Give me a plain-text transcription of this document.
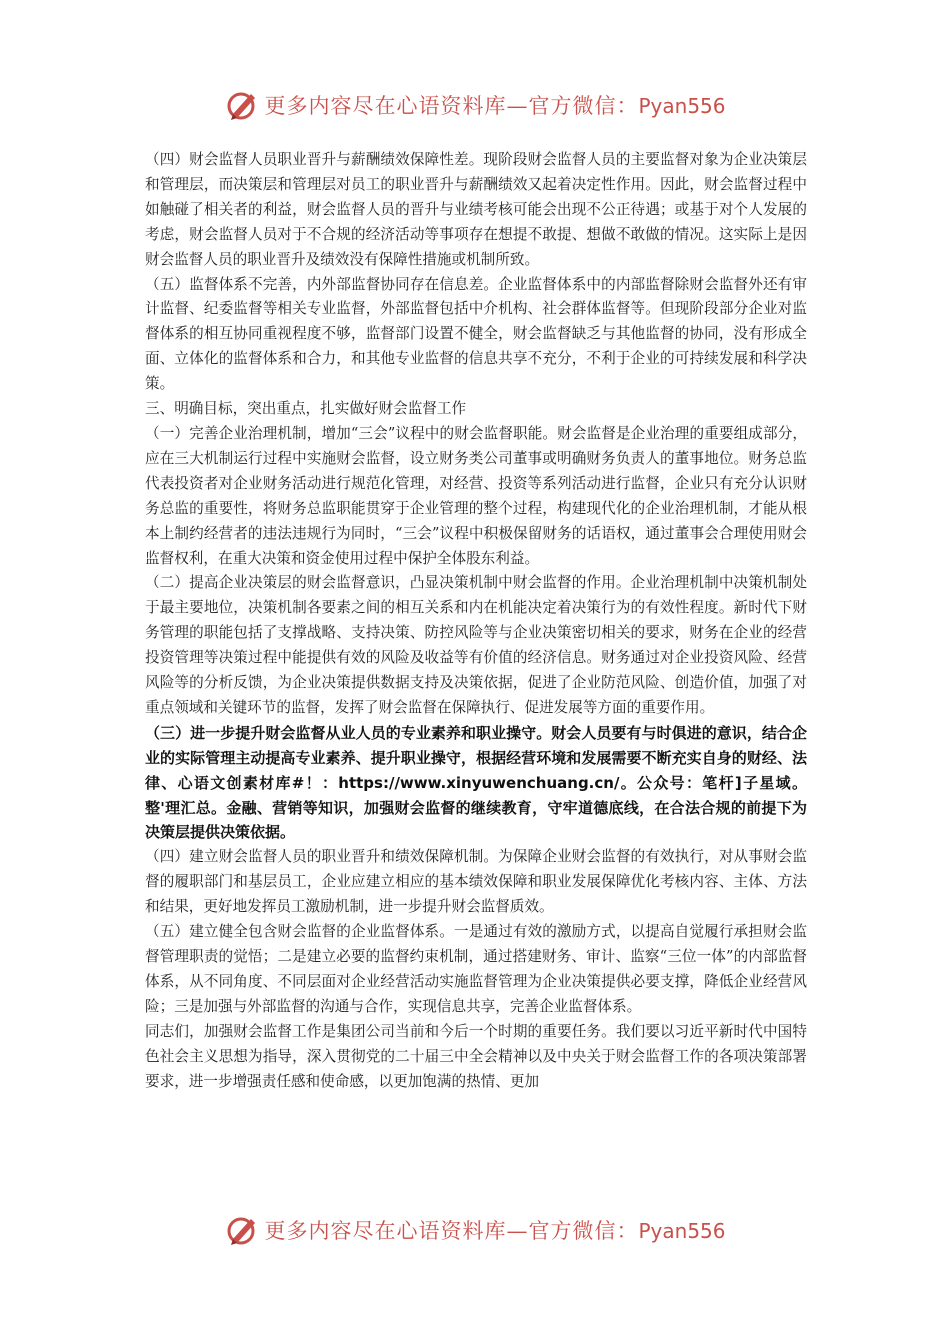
更多内容尽在心语资料库—官方微信：Pyan556

（四）财会监督人员职业晋升与薪酬绩效保障性差。现阶段财会监督人员的主要监督对象为企业决策层和管理层，而决策层和管理层对员工的职业晋升与薪酬绩效又起着决定性作用。因此，财会监督过程中如触碰了相关者的利益，财会监督人员的晋升与业绩考核可能会出现不公正待遇；或基于对个人发展的考虑，财会监督人员对于不合规的经济活动等事项存在想提不敢提、想做不敢做的情况。这实际上是因财会监督人员的职业晋升及绩效没有保障性措施或机制所致。

（五）监督体系不完善，内外部监督协同存在信息差。企业监督体系中的内部监督除财会监督外还有审计监督、纪委监督等相关专业监督，外部监督包括中介机构、社会群体监督等。但现阶段部分企业对监督体系的相互协同重视程度不够，监督部门设置不健全，财会监督缺乏与其他监督的协同，没有形成全面、立体化的监督体系和合力，和其他专业监督的信息共享不充分，不利于企业的可持续发展和科学决策。

三、明确目标，突出重点，扎实做好财会监督工作

（一）完善企业治理机制，增加“三会”议程中的财会监督职能。财会监督是企业治理的重要组成部分，应在三大机制运行过程中实施财会监督，设立财务类公司董事或明确财务负责人的董事地位。财务总监代表投资者对企业财务活动进行规范化管理，对经营、投资等系列活动进行监督，企业只有充分认识财务总监的重要性，将财务总监职能贯穿于企业管理的整个过程，构建现代化的企业治理机制，才能从根本上制约经营者的违法违规行为同时，“三会”议程中积极保留财务的话语权，通过董事会合理使用财会监督权利，在重大决策和资金使用过程中保护全体股东利益。

（二）提高企业决策层的财会监督意识，凸显决策机制中财会监督的作用。企业治理机制中决策机制处于最主要地位，决策机制各要素之间的相互关系和内在机能决定着决策行为的有效性程度。新时代下财务管理的职能包括了支撑战略、支持决策、防控风险等与企业决策密切相关的要求，财务在企业的经营投资管理等决策过程中能提供有效的风险及收益等有价值的经济信息。财务通过对企业投资风险、经营风险等的分析反馈，为企业决策提供数据支持及决策依据，促进了企业防范风险、创造价值，加强了对重点领域和关键环节的监督，发挥了财会监督在保障执行、促进发展等方面的重要作用。

（三）进一步提升财会监督从业人员的专业素养和职业操守。财会人员要有与时俱进的意识，结合企业的实际管理主动提高专业素养、提升职业操守，根据经营环境和发展需要不断充实自身的财经、法律、心语文创素材库#！：https://www.xinyuwenchuang.cn/。公众号：笔杆]子星域。整'理汇总。金融、营销等知识，加强财会监督的继续教育，守牢道德底线，在合法合规的前提下为决策层提供决策依据。

（四）建立财会监督人员的职业晋升和绩效保障机制。为保障企业财会监督的有效执行，对从事财会监督的履职部门和基层员工，企业应建立相应的基本绩效保障和职业发展保障优化考核内容、主体、方法和结果，更好地发挥员工激励机制，进一步提升财会监督质效。

（五）建立健全包含财会监督的企业监督体系。一是通过有效的激励方式，以提高自觉履行承担财会监督管理职责的觉悟；二是建立必要的监督约束机制，通过搭建财务、审计、监察“三位一体”的内部监督体系，从不同角度、不同层面对企业经营活动实施监督管理为企业决策提供必要支撑，降低企业经营风险；三是加强与外部监督的沟通与合作，实现信息共享，完善企业监督体系。

同志们，加强财会监督工作是集团公司当前和今后一个时期的重要任务。我们要以习近平新时代中国特色社会主义思想为指导，深入贯彻党的二十届三中全会精神以及中央关于财会监督工作的各项决策部署要求，进一步增强责任感和使命感，以更加饱满的热情、更加

更多内容尽在心语资料库—官方微信：Pyan556
